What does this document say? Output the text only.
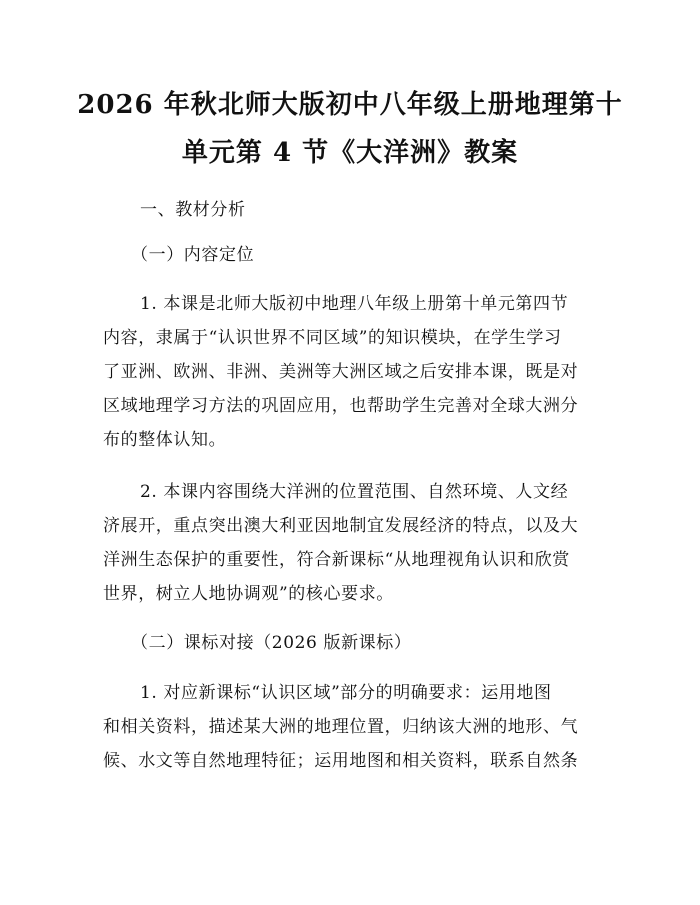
2026 年秋北师大版初中八年级上册地理第十
单元第 4 节《大洋洲》教案
一、教材分析
（一）内容定位
1. 本课是北师大版初中地理八年级上册第十单元第四节
内容，隶属于“认识世界不同区域”的知识模块，在学生学习
了亚洲、欧洲、非洲、美洲等大洲区域之后安排本课，既是对
区域地理学习方法的巩固应用，也帮助学生完善对全球大洲分
布的整体认知。
2. 本课内容围绕大洋洲的位置范围、自然环境、人文经
济展开，重点突出澳大利亚因地制宜发展经济的特点，以及大
洋洲生态保护的重要性，符合新课标“从地理视角认识和欣赏
世界，树立人地协调观”的核心要求。
（二）课标对接（2026 版新课标）
1. 对应新课标“认识区域”部分的明确要求：运用地图
和相关资料，描述某大洲的地理位置，归纳该大洲的地形、气
候、水文等自然地理特征；运用地图和相关资料，联系自然条
